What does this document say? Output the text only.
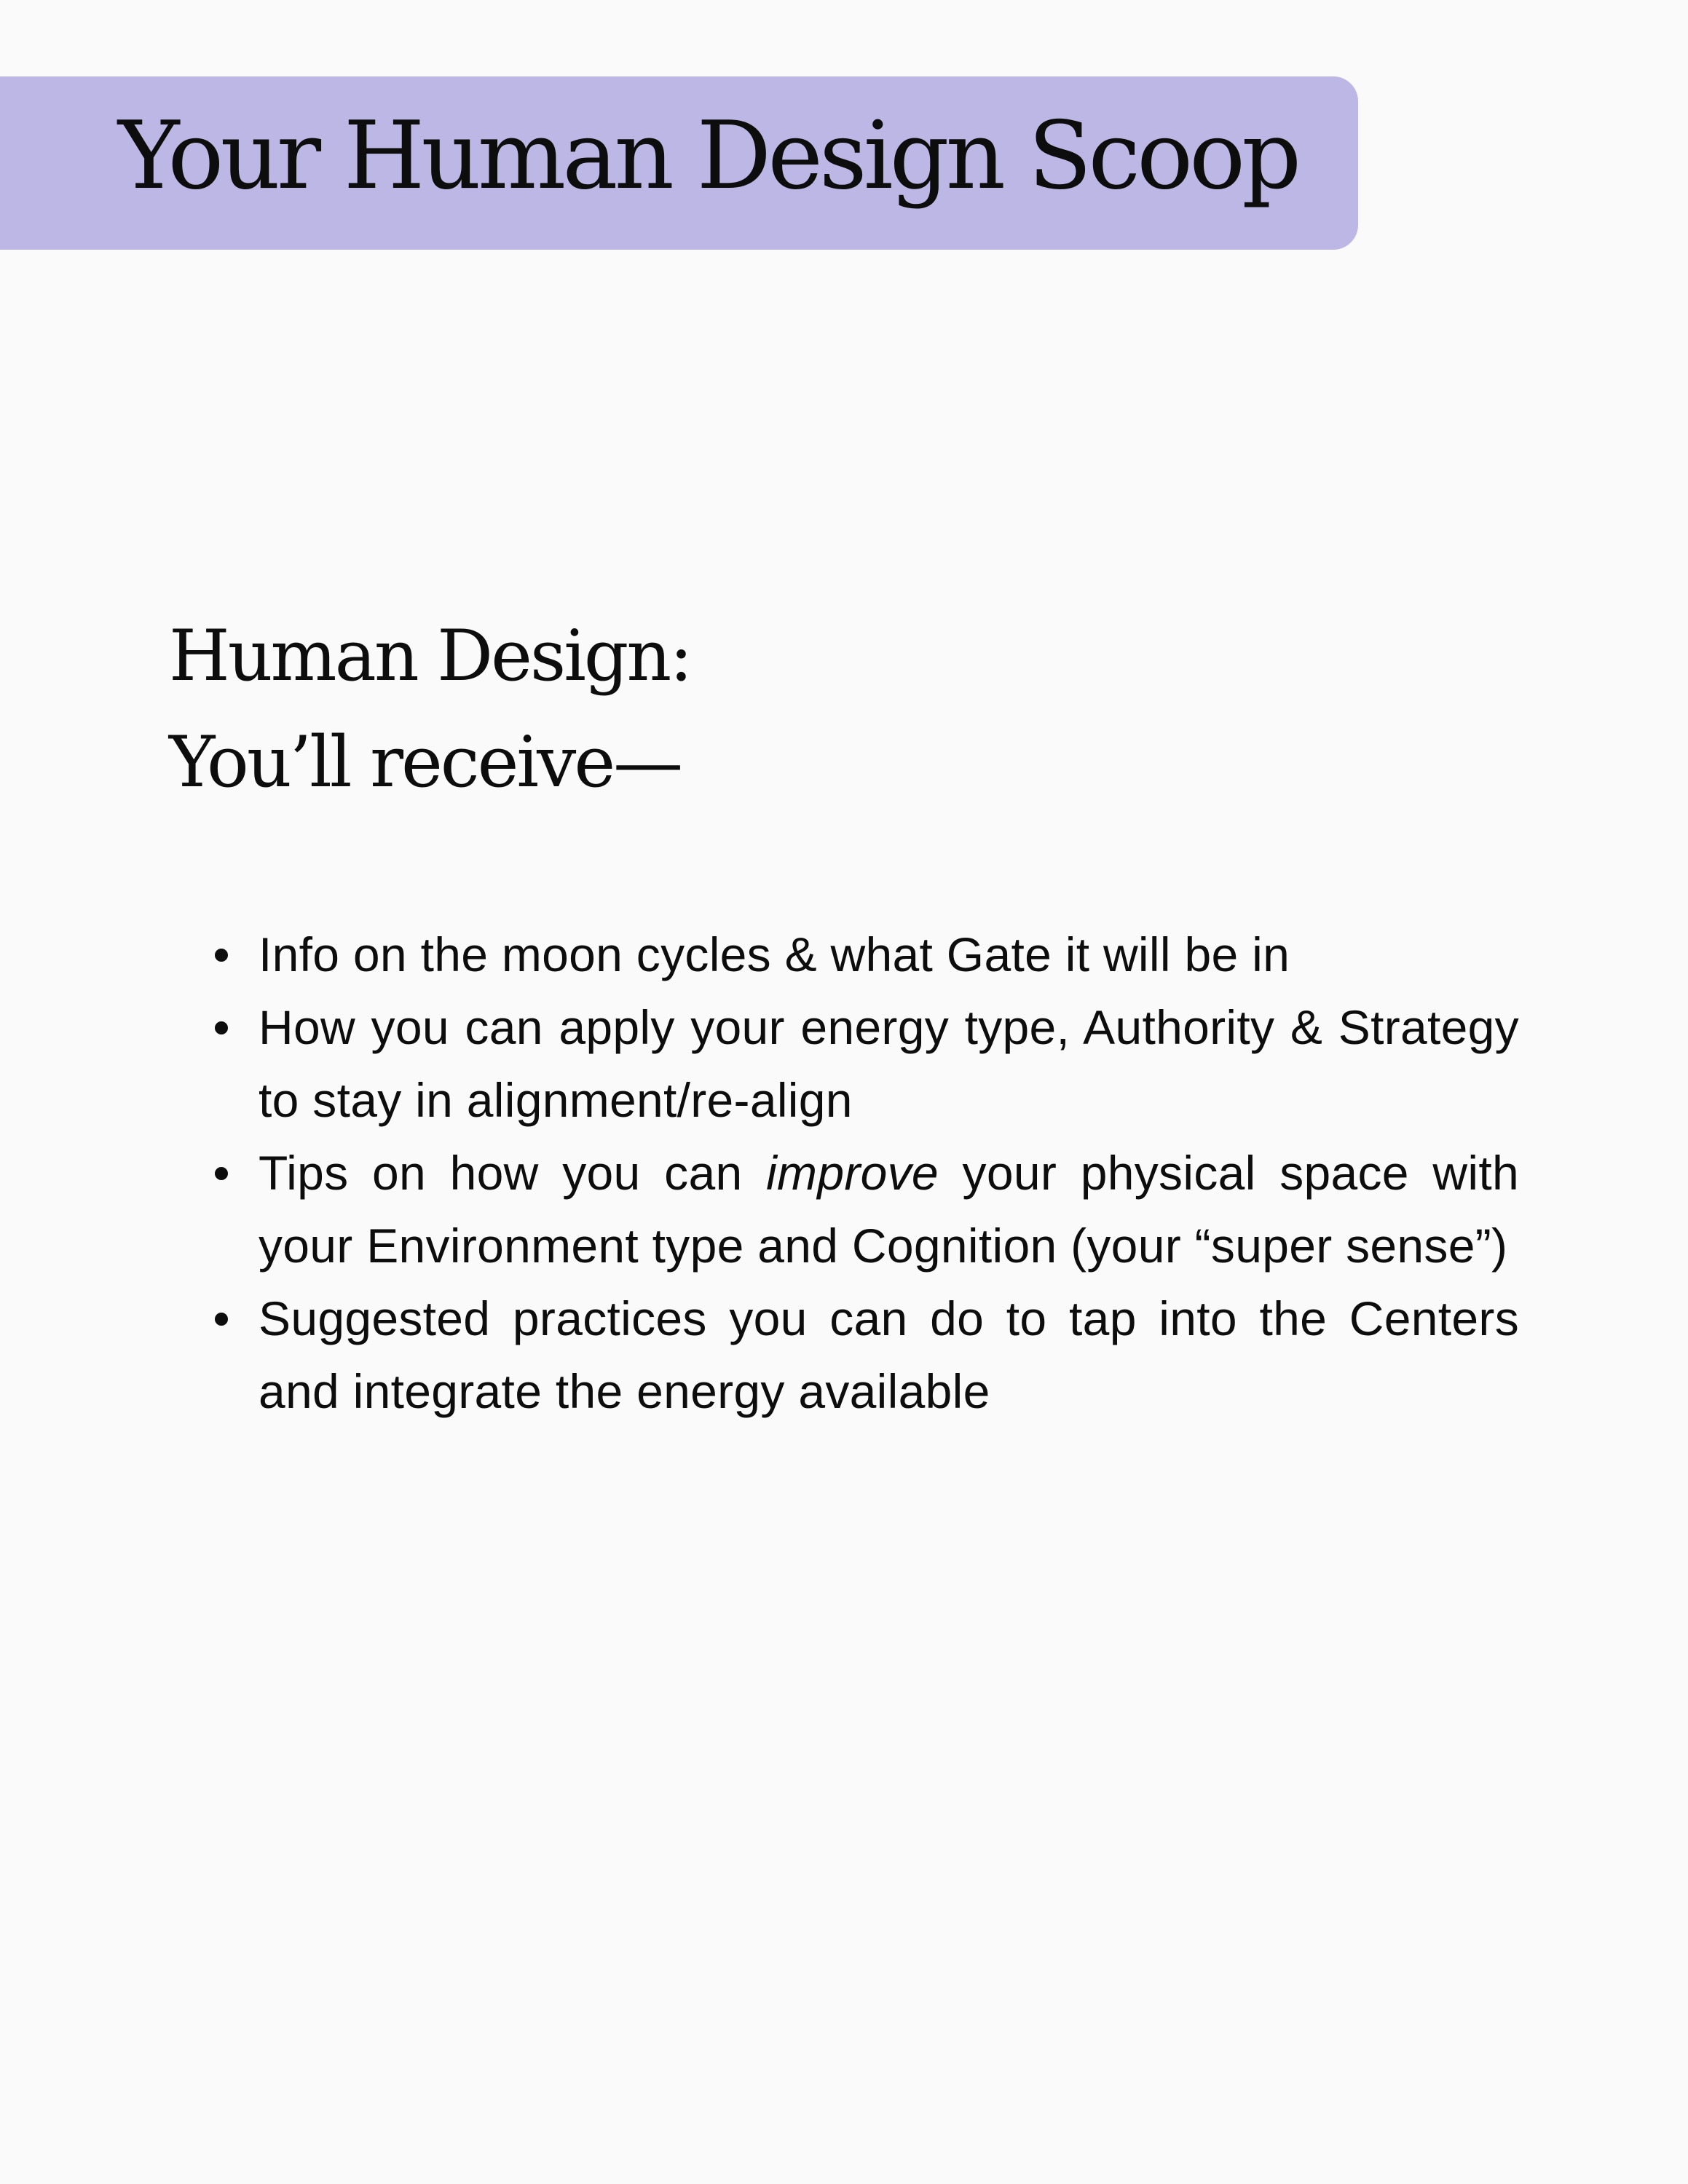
Your Human Design Scoop
Human Design:
You’ll receive—
Info on the moon cycles & what Gate it will be in
How you can apply your energy type, Authority & Strategy to stay in alignment/re-align
Tips on how you can improve your physical space with your Environment type and Cognition (your “super sense”)
Suggested practices you can do to tap into the Centers and integrate the energy available
